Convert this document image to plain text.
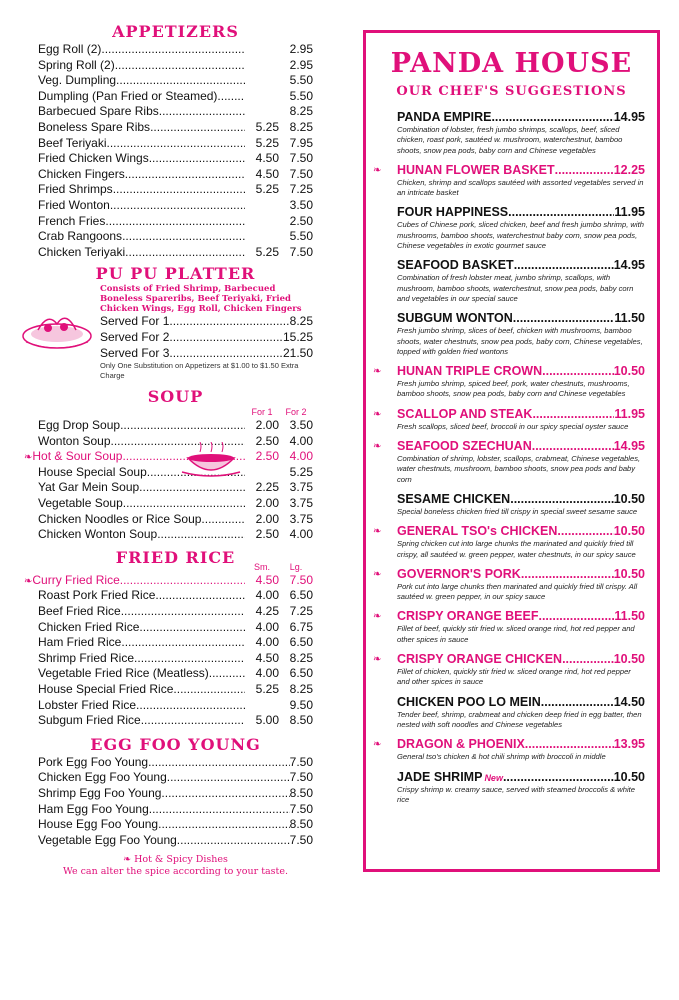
APPETIZERS
Egg Roll (2) .....	2.95
Spring Roll (2) .....	2.95
Veg. Dumpling .....	5.50
Dumpling (Pan Fried or Steamed) .....	5.50
Barbecued Spare Ribs .....	8.25
Boneless Spare Ribs .....	5.25 8.25
Beef Teriyaki .....	5.25 7.95
Fried Chicken Wings .....	4.50 7.50
Chicken Fingers .....	4.50 7.50
Fried Shrimps .....	5.25 7.25
Fried Wonton .....	3.50
French Fries .....	2.50
Crab Rangoons .....	5.50
Chicken Teriyaki .....	5.25 7.50
PU PU PLATTER
Consists of Fried Shrimp, Barbecued Boneless Spareribs, Beef Teriyaki, Fried Chicken Wings, Egg Roll, Chicken Fingers
Served For 1 .....	8.25
Served For 2 .....	15.25
Served For 3 .....	21.50
Only One Substitution on Appetizers at $1.00 to $1.50 Extra Charge
SOUP
For 1 For 2
Egg Drop Soup .....	2.00 3.50
Wonton Soup .....	2.50 4.00
❧ Hot & Sour Soup .....	2.50 4.00
House Special Soup .....	5.25
Yat Gar Mein Soup .....	2.25 3.75
Vegetable Soup .....	2.00 3.75
Chicken Noodles or Rice Soup .....	2.00 3.75
Chicken Wonton Soup .....	2.50 4.00
FRIED RICE	Sm. Lg.
❧ Curry Fried Rice .....	4.50 7.50
Roast Pork Fried Rice .....	4.00 6.50
Beef Fried Rice .....	4.25 7.25
Chicken Fried Rice .....	4.00 6.75
Ham Fried Rice .....	4.00 6.50
Shrimp Fried Rice .....	4.50 8.25
Vegetable Fried Rice (Meatless) .....	4.00 6.50
House Special Fried Rice .....	5.25 8.25
Lobster Fried Rice .....	9.50
Subgum Fried Rice .....	5.00 8.50
EGG FOO YOUNG
Pork Egg Foo Young .....	7.50
Chicken Egg Foo Young .....	7.50
Shrimp Egg Foo Young .....	8.50
Ham Egg Foo Young .....	7.50
House Egg Foo Young .....	8.50
Vegetable Egg Foo Young .....	7.50
❧ Hot & Spicy Dishes
We can alter the spice according to your taste.
PANDA HOUSE
OUR CHEF'S SUGGESTIONS
PANDA EMPIRE .....	14.95
Combination of lobster, fresh jumbo shrimps, scallops, beef, sliced chicken, roast pork, sautéed w. mushroom, waterchestnut, bamboo shoots, snow pea pods, baby corn and Chinese vegetables
❧ HUNAN FLOWER BASKET .....	12.25
Chicken, shrimp and scallops sautéed with assorted vegetables served in an intricate basket
FOUR HAPPINESS .....	11.95
Cubes of Chinese pork, sliced chicken, beef and fresh jumbo shrimp, with mushrooms, bamboo shoots, waterchestnut baby corn, snow pea pods, Chinese vegetables in exotic gourmet sauce
SEAFOOD BASKET .....	14.95
Combination of fresh lobster meat, jumbo shrimp, scallops, with mushroom, bamboo shoots, waterchestnut, snow pea pods, baby corn and vegetables in our special sauce
SUBGUM WONTON .....	11.50
Fresh jumbo shrimp, slices of beef, chicken with mushrooms, bamboo shoots, water chestnuts, snow pea pods, baby corn, Chinese vegetables, topped with golden fried wontons
❧ HUNAN TRIPLE CROWN .....	10.50
Fresh jumbo shrimp, spiced beef, pork, water chestnuts, mushrooms, bamboo shoots, snow pea pods, baby corn and Chinese vegetables
❧ SCALLOP AND STEAK .....	11.95
Fresh scallops, sliced beef, broccoli in our spicy special oyster sauce
❧ SEAFOOD SZECHUAN .....	14.95
Combination of shrimp, lobster, scallops, crabmeat, Chinese vegetables, water chestnuts, mushroom, bamboo shoots, snow pea pods and baby corn
SESAME CHICKEN .....	10.50
Special boneless chicken fried till crispy in special sweet sesame sauce
❧ GENERAL TSO's CHICKEN .....	10.50
Spring chicken cut into large chunks the marinated and quickly fried till crispy, all sautéed w. green pepper, water chestnuts, in our spicy sauce
❧ GOVERNOR'S PORK .....	10.50
Pork cut into large chunks then marinated and quickly fried till crispy. All sautéed w. green pepper, in our spicy sauce
❧ CRISPY ORANGE BEEF .....	11.50
Fillet of beef, quickly stir fried w. sliced orange rind, hot red pepper and other spices in sauce
❧ CRISPY ORANGE CHICKEN .....	10.50
Fillet of chicken, quickly stir fried w. sliced orange rind, hot red pepper and other spices in sauce
CHICKEN POO LO MEIN .....	14.50
Tender beef, shrimp, crabmeat and chicken deep fried in egg batter, then nested with soft noodles and Chinese vegetables
❧ DRAGON & PHOENIX .....	13.95
General tso's chicken & hot chili shrimp with broccoli in middle
JADE SHRIMP New .....	10.50
Crispy shrimp w. creamy sauce, served with steamed broccolis & white rice
